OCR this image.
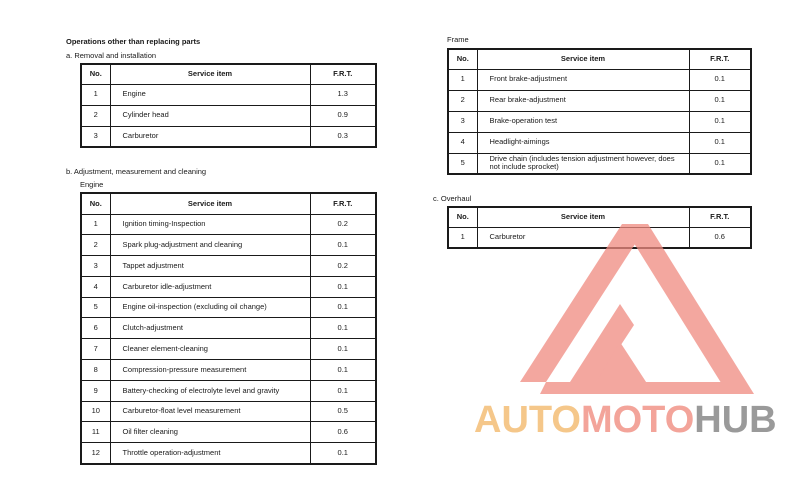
Operations other than replacing parts
a. Removal and installation
No.	Service item	F.R.T.
1	Engine	1.3
2	Cylinder head	0.9
3	Carburetor	0.3
b. Adjustment, measurement and cleaning
Engine
No.	Service item	F.R.T.
1	Ignition timing-Inspection	0.2
2	Spark plug-adjustment and cleaning	0.1
3	Tappet adjustment	0.2
4	Carburetor idle-adjustment	0.1
5	Engine oil-inspection (excluding oil change)	0.1
6	Clutch-adjustment	0.1
7	Cleaner element-cleaning	0.1
8	Compression-pressure measurement	0.1
9	Battery-checking of electrolyte level and gravity	0.1
10	Carburetor-float level measurement	0.5
11	Oil filter cleaning	0.6
12	Throttle operation-adjustment	0.1
Frame
No.	Service item	F.R.T.
1	Front brake-adjustment	0.1
2	Rear brake-adjustment	0.1
3	Brake-operation test	0.1
4	Headlight-aimings	0.1
5	Drive chain (includes tension adjustment however, does not include sprocket)	0.1
c. Overhaul
No.	Service item	F.R.T.
1	Carburetor	0.6
AUTOMOTOHUB
